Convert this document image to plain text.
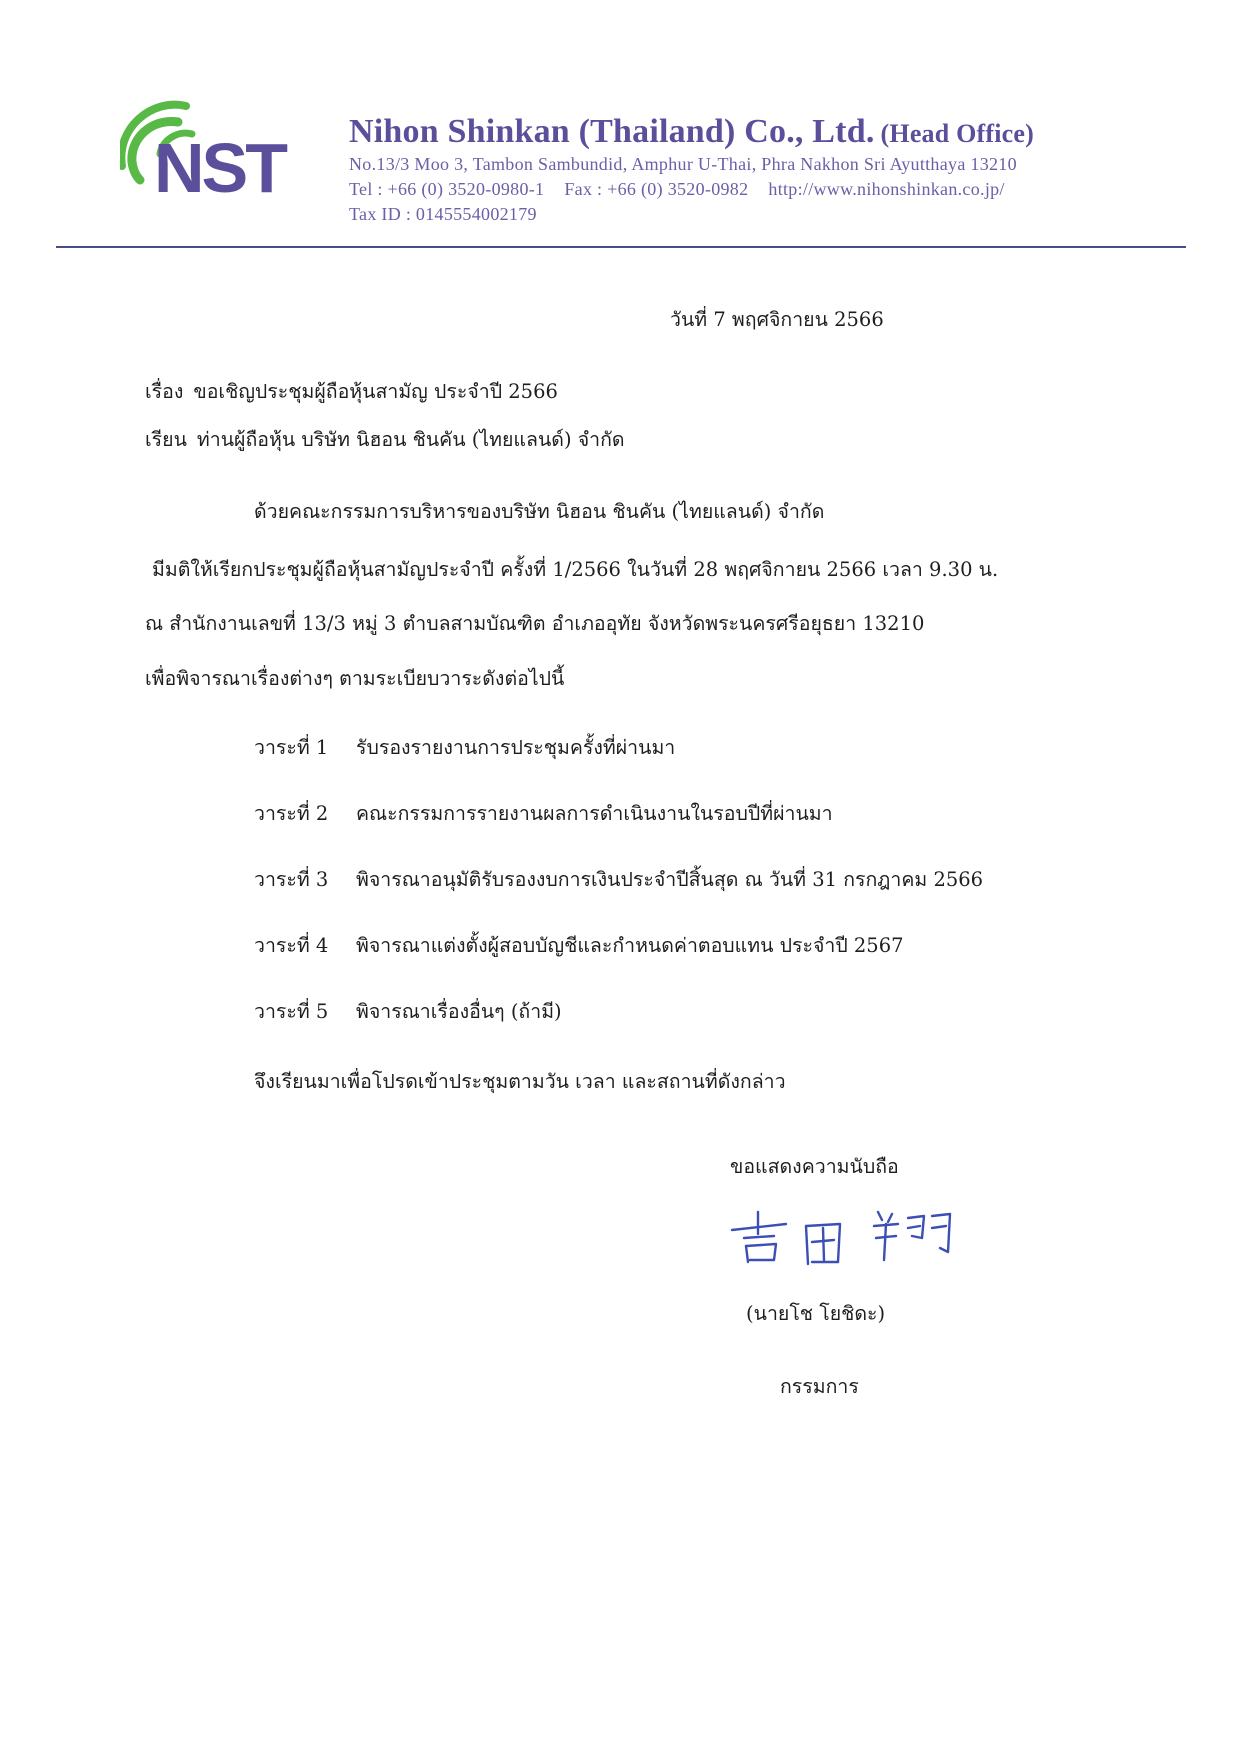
NST Nihon Shinkan (Thailand) Co., Ltd. (Head Office)
No.13/3 Moo 3, Tambon Sambundid, Amphur U-Thai, Phra Nakhon Sri Ayutthaya 13210
Tel : +66 (0) 3520-0980-1 Fax : +66 (0) 3520-0982 http://www.nihonshinkan.co.jp/
Tax ID : 0145554002179
วันที่ 7 พฤศจิกายน 2566
เรื่อง ขอเชิญประชุมผู้ถือหุ้นสามัญ ประจำปี 2566
เรียน ท่านผู้ถือหุ้น บริษัท นิฮอน ชินคัน (ไทยแลนด์) จำกัด
ด้วยคณะกรรมการบริหารของบริษัท นิฮอน ชินคัน (ไทยแลนด์) จำกัด
มีมติให้เรียกประชุมผู้ถือหุ้นสามัญประจำปี ครั้งที่ 1/2566 ในวันที่ 28 พฤศจิกายน 2566 เวลา 9.30 น.
ณ สำนักงานเลขที่ 13/3 หมู่ 3 ตำบลสามบัณฑิต อำเภออุทัย จังหวัดพระนครศรีอยุธยา 13210
เพื่อพิจารณาเรื่องต่างๆ ตามระเบียบวาระดังต่อไปนี้
วาระที่ 1 รับรองรายงานการประชุมครั้งที่ผ่านมา
วาระที่ 2 คณะกรรมการรายงานผลการดำเนินงานในรอบปีที่ผ่านมา
วาระที่ 3 พิจารณาอนุมัติรับรองงบการเงินประจำปีสิ้นสุด ณ วันที่ 31 กรกฎาคม 2566
วาระที่ 4 พิจารณาแต่งตั้งผู้สอบบัญชีและกำหนดค่าตอบแทน ประจำปี 2567
วาระที่ 5 พิจารณาเรื่องอื่นๆ (ถ้ามี)
จึงเรียนมาเพื่อโปรดเข้าประชุมตามวัน เวลา และสถานที่ดังกล่าว
ขอแสดงความนับถือ
(นายโช โยชิดะ)
กรรมการ
